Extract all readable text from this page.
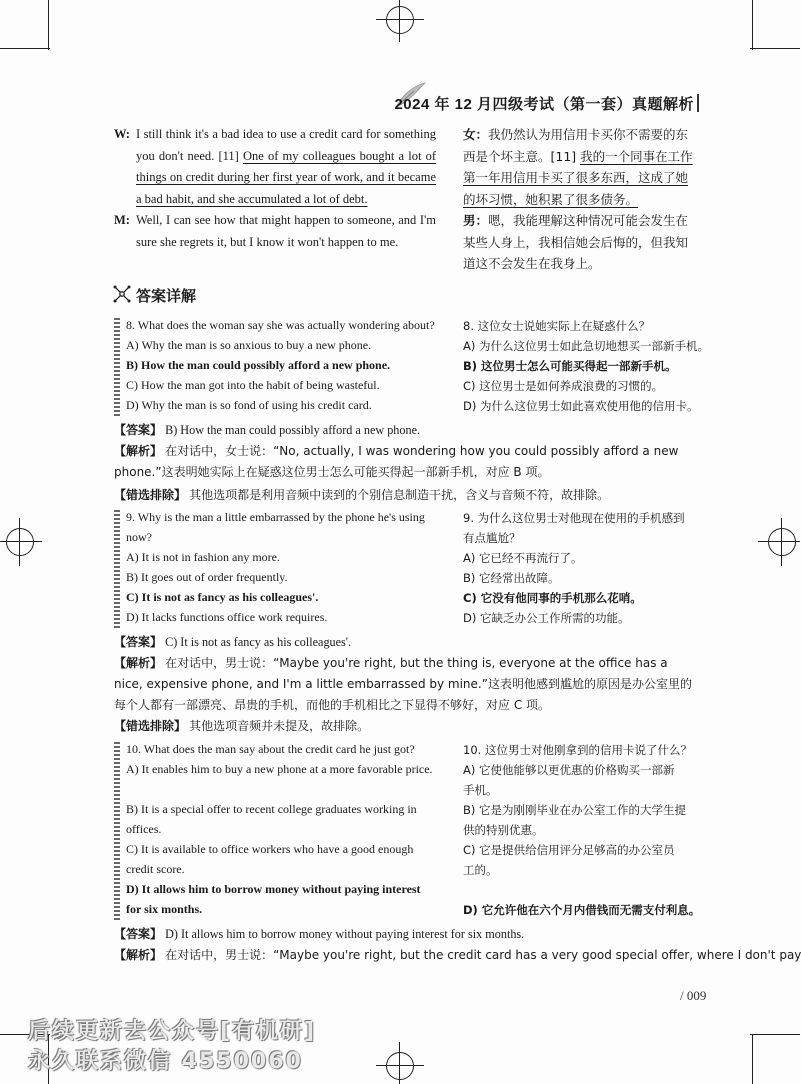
2024 年 12 月四级考试（第一套）真题解析
W: I still think it's a bad idea to use a credit card for something you don't need. [11] One of my colleagues bought a lot of things on credit during her first year of work, and it became a bad habit, and she accumulated a lot of debt.
女：我仍然认为用信用卡买你不需要的东西是个坏主意。[11] 我的一个同事在工作第一年用信用卡买了很多东西，这成了她的坏习惯，她积累了很多债务。
M: Well, I can see how that might happen to someone, and I'm sure she regrets it, but I know it won't happen to me.
男：嗯，我能理解这种情况可能会发生在某些人身上，我相信她会后悔的，但我知道这不会发生在我身上。
答案详解
8. What does the woman say she was actually wondering about?
A) Why the man is so anxious to buy a new phone.
B) How the man could possibly afford a new phone.
C) How the man got into the habit of being wasteful.
D) Why the man is so fond of using his credit card.
8. 这位女士说她实际上在疑惑什么？
A) 为什么这位男士如此急切地想买一部新手机。
B) 这位男士怎么可能买得起一部新手机。
C) 这位男士是如何养成浪费的习惯的。
D) 为什么这位男士如此喜欢使用他的信用卡。
【答案】 B) How the man could possibly afford a new phone.
【解析】 在对话中，女士说：“No, actually, I was wondering how you could possibly afford a new phone.”这表明她实际上在疑惑这位男士怎么可能买得起一部新手机，对应 B 项。
【错选排除】 其他选项都是利用音频中读到的个别信息制造干扰，含义与音频不符，故排除。
9. Why is the man a little embarrassed by the phone he's using
now?
A) It is not in fashion any more.
B) It goes out of order frequently.
C) It is not as fancy as his colleagues'.
D) It lacks functions office work requires.
9. 为什么这位男士对他现在使用的手机感到
有点尴尬？
A) 它已经不再流行了。
B) 它经常出故障。
C) 它没有他同事的手机那么花哨。
D) 它缺乏办公工作所需的功能。
【答案】 C) It is not as fancy as his colleagues'.
【解析】 在对话中，男士说：“Maybe you're right, but the thing is, everyone at the office has a nice, expensive phone, and I'm a little embarrassed by mine.”这表明他感到尴尬的原因是办公室里的每个人都有一部漂亮、昂贵的手机，而他的手机相比之下显得不够好，对应 C 项。
【错选排除】 其他选项音频并未提及，故排除。
10. What does the man say about the credit card he just got?
A) It enables him to buy a new phone at a more favorable price.
B) It is a special offer to recent college graduates working in
offices.
C) It is available to office workers who have a good enough
credit score.
D) It allows him to borrow money without paying interest
for six months.
10. 这位男士对他刚拿到的信用卡说了什么？
A) 它使他能够以更优惠的价格购买一部新
手机。
B) 它是为刚刚毕业在办公室工作的大学生提
供的特别优惠。
C) 它是提供给信用评分足够高的办公室员
工的。
D) 它允许他在六个月内借钱而无需支付利息。
【答案】 D) It allows him to borrow money without paying interest for six months.
【解析】 在对话中，男士说：“Maybe you're right, but the credit card has a very good special offer, where I don't pay
/ 009
后续更新去公众号[有机研]
永久联系微信 4550060
